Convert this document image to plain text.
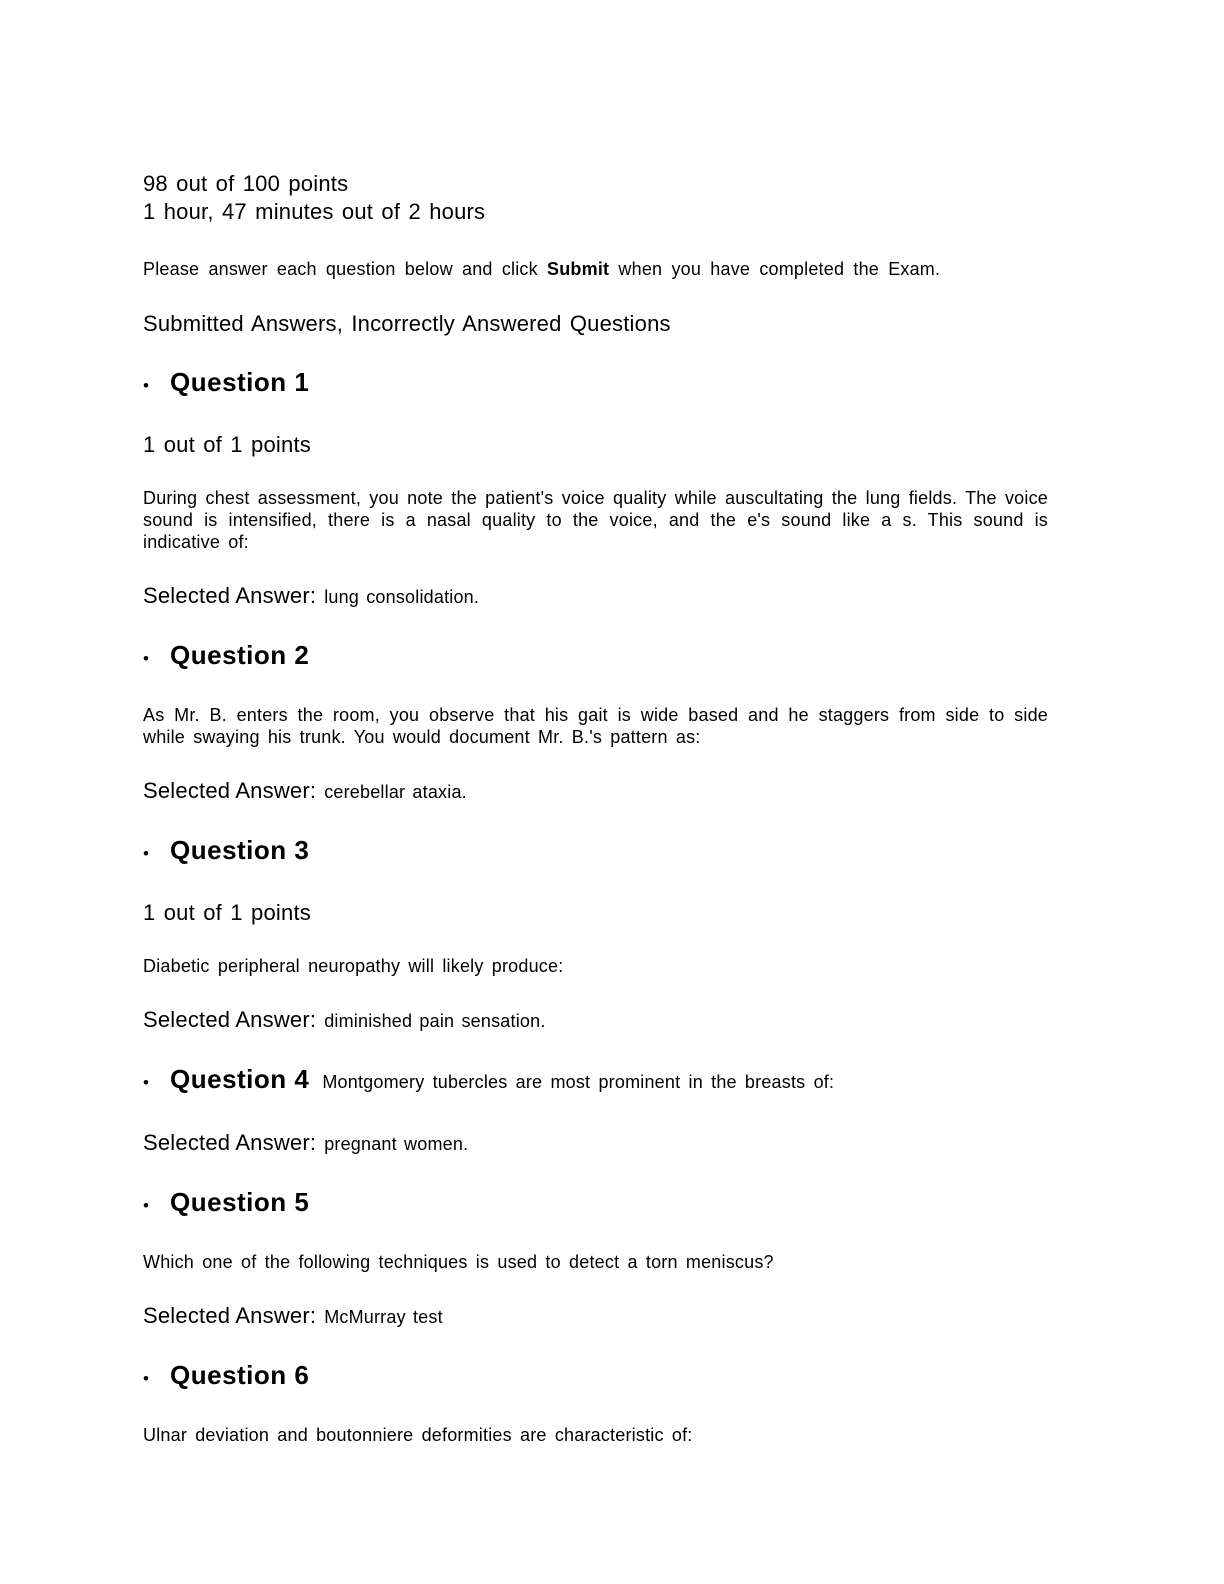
98 out of 100 points
1 hour, 47 minutes out of 2 hours
Please answer each question below and click Submit when you have completed the Exam.
Submitted Answers, Incorrectly Answered Questions
• Question 1
1 out of 1 points
During chest assessment, you note the patient's voice quality while auscultating the lung fields. The voice sound is intensified, there is a nasal quality to the voice, and the e's sound like a s. This sound is indicative of:
Selected Answer: lung consolidation.
• Question 2
As Mr. B. enters the room, you observe that his gait is wide based and he staggers from side to side while swaying his trunk. You would document Mr. B.'s pattern as:
Selected Answer: cerebellar ataxia.
• Question 3
1 out of 1 points
Diabetic peripheral neuropathy will likely produce:
Selected Answer: diminished pain sensation.
• Question 4 Montgomery tubercles are most prominent in the breasts of:
Selected Answer: pregnant women.
• Question 5
Which one of the following techniques is used to detect a torn meniscus?
Selected Answer: McMurray test
• Question 6
Ulnar deviation and boutonniere deformities are characteristic of:
